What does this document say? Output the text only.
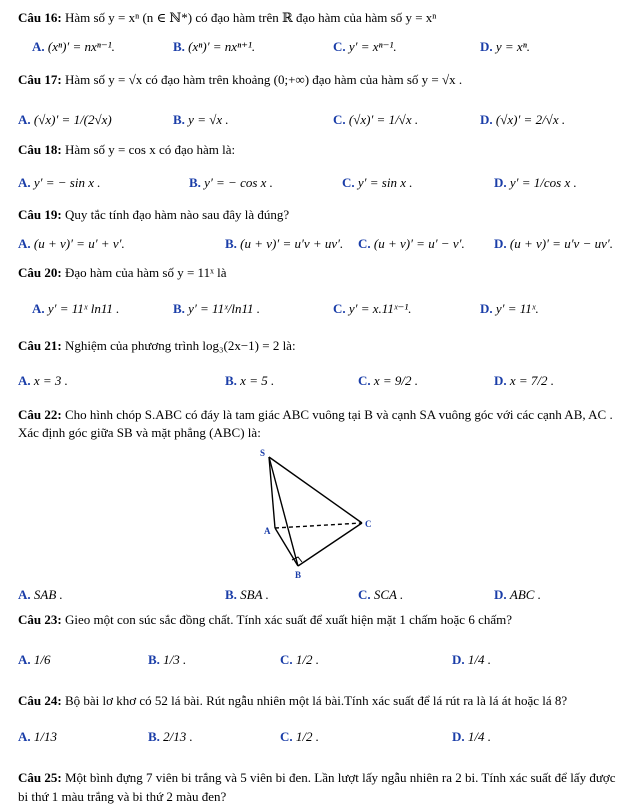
Câu 16: Hàm số y = xⁿ (n ∈ ℕ*) có đạo hàm trên ℝ đạo hàm của hàm số y = xⁿ
A. (xⁿ)′ = nxⁿ⁻¹.	B. (xⁿ)′ = nxⁿ⁺¹.	C. y′ = xⁿ⁻¹.	D. y = xⁿ.
Câu 17: Hàm số y = √x có đạo hàm trên khoảng (0;+∞) đạo hàm của hàm số y = √x .
A. (√x)′ = 1/(2√x)	B. y = √x .	C. (√x)′ = 1/√x .	D. (√x)′ = 2/√x .
Câu 18: Hàm số y = cos x có đạo hàm là:
A. y′ = − sin x .	B. y′ = − cos x .	C. y′ = sin x .	D. y′ = 1/cos x .
Câu 19: Quy tắc tính đạo hàm nào sau đây là đúng?
A. (u + v)′ = u′ + v′.	B. (u + v)′ = u′v + uv′. C. (u + v)′ = u′ − v′. D. (u + v)′ = u′v − uv′.
Câu 20: Đạo hàm của hàm số y = 11ˣ là
A. y′ = 11ˣ ln11 .	B. y′ = 11ˣ/ln11 .	C. y′ = x.11ˣ⁻¹.	D. y′ = 11ˣ.
Câu 21: Nghiệm của phương trình log₃(2x−1) = 2 là:
A. x = 3 .	B. x = 5 .	C. x = 9/2 .	D. x = 7/2 .
Câu 22: Cho hình chóp S.ABC có đáy là tam giác ABC vuông tại B và cạnh SA vuông góc với các cạnh AB, AC . Xác định góc giữa SB và mặt phẳng (ABC) là:
S
A
B
C
A. SAB .	B. SBA .	C. SCA .	D. ABC .
Câu 23: Gieo một con súc sắc đồng chất. Tính xác suất để xuất hiện mặt 1 chấm hoặc 6 chấm?
A. 1/6	B. 1/3 .	C. 1/2 .	D. 1/4 .
Câu 24: Bộ bài lơ khơ có 52 lá bài. Rút ngẫu nhiên một lá bài.Tính xác suất để lá rút ra là lá át hoặc lá 8?
A. 1/13	B. 2/13 .	C. 1/2 .	D. 1/4 .
Câu 25: Một bình đựng 7 viên bi trắng và 5 viên bi đen. Lần lượt lấy ngẫu nhiên ra 2 bi. Tính xác suất để lấy được bi thứ 1 màu trắng và bi thứ 2 màu đen?
